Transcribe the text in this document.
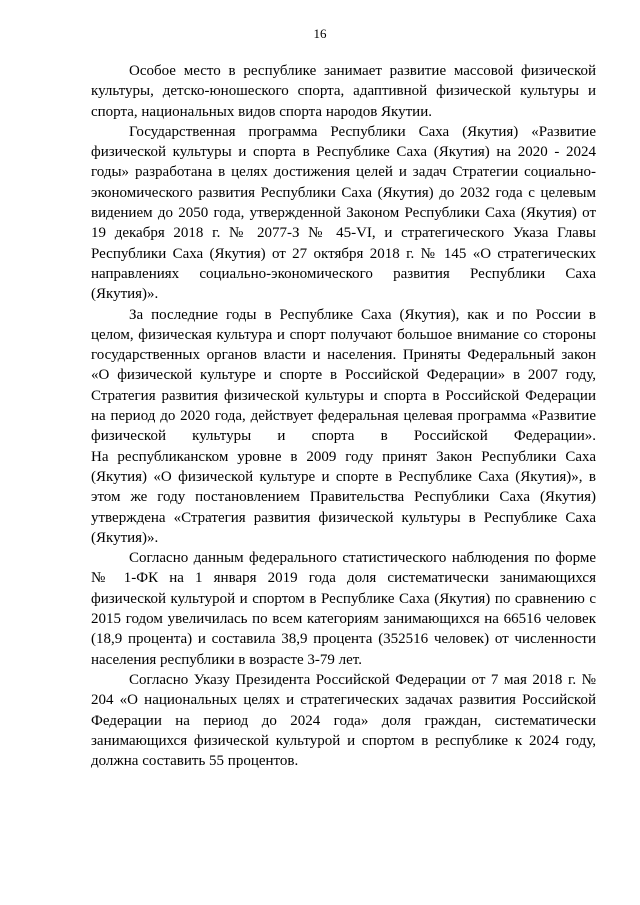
16

Особое место в республике занимает развитие массовой физической культуры, детско-юношеского спорта, адаптивной физической культуры и спорта, национальных видов спорта народов Якутии.

Государственная программа Республики Саха (Якутия) «Развитие физической культуры и спорта в Республике Саха (Якутия) на 2020 - 2024 годы» разработана в целях достижения целей и задач Стратегии социально-экономического развития Республики Саха (Якутия) до 2032 года с целевым видением до 2050 года, утвержденной Законом Республики Саха (Якутия) от 19 декабря 2018 г. № 2077-З № 45-VI, и стратегического Указа Главы Республики Саха (Якутия) от 27 октября 2018 г. № 145 «О стратегических направлениях социально-экономического развития Республики Саха (Якутия)».

За последние годы в Республике Саха (Якутия), как и по России в целом, физическая культура и спорт получают большое внимание со стороны государственных органов власти и населения. Приняты Федеральный закон «О физической культуре и спорте в Российской Федерации» в 2007 году, Стратегия развития физической культуры и спорта в Российской Федерации на период до 2020 года, действует федеральная целевая программа «Развитие физической культуры и спорта в Российской Федерации».

На республиканском уровне в 2009 году принят Закон Республики Саха (Якутия) «О физической культуре и спорте в Республике Саха (Якутия)», в этом же году постановлением Правительства Республики Саха (Якутия) утверждена «Стратегия развития физической культуры в Республике Саха (Якутия)».

Согласно данным федерального статистического наблюдения по форме № 1-ФК на 1 января 2019 года доля систематически занимающихся физической культурой и спортом в Республике Саха (Якутия) по сравнению с 2015 годом увеличилась по всем категориям занимающихся на 66516 человек (18,9 процента) и составила 38,9 процента (352516 человек) от численности населения республики в возрасте 3-79 лет.

Согласно Указу Президента Российской Федерации от 7 мая 2018 г. № 204 «О национальных целях и стратегических задачах развития Российской Федерации на период до 2024 года» доля граждан, систематически занимающихся физической культурой и спортом в республике к 2024 году, должна составить 55 процентов.
